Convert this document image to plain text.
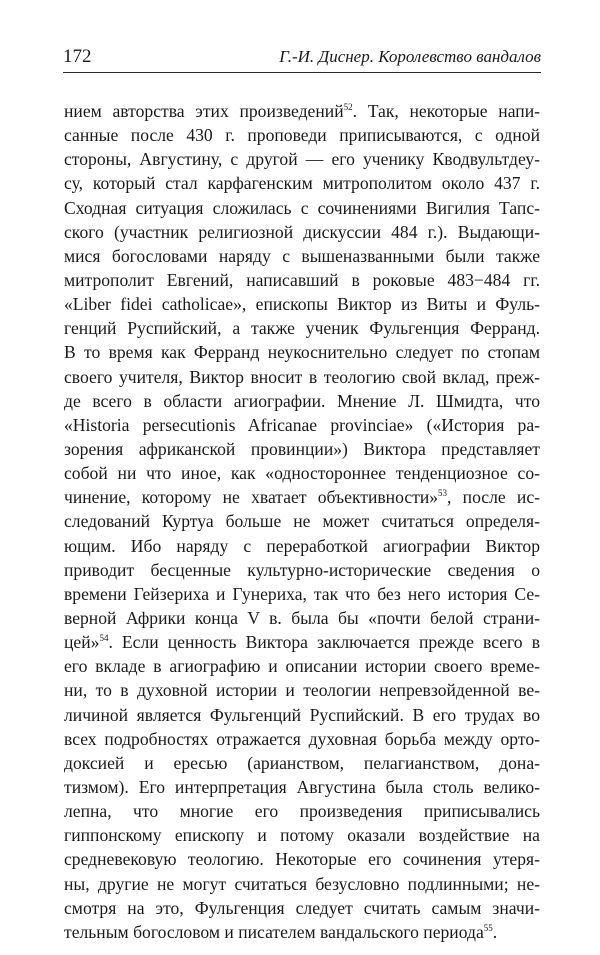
172	Г.-И. Диснер. Королевство вандалов
нием авторства этих произведений$^{52}$. Так, некоторые напи-
санные после 430 г. проповеди приписываются, с одной
стороны, Августину, с другой — его ученику Кводвультдеу-
су, который стал карфагенским митрополитом около 437 г.
Сходная ситуация сложилась с сочинениями Вигилия Тапс-
ского (участник религиозной дискуссии 484 г.). Выдающи-
мися богословами наряду с вышеназванными были также
митрополит Евгений, написавший в роковые 483−484 гг.
«Liber fidei catholicae», епископы Виктор из Виты и Фуль-
генций Руспийский, а также ученик Фульгенция Ферранд.
В то время как Ферранд неукоснительно следует по стопам
своего учителя, Виктор вносит в теологию свой вклад, преж-
де всего в области агиографии. Мнение Л. Шмидта, что
«Historia persecutionis Africanae provinciae» («История ра-
зорения африканской провинции») Виктора представляет
собой ни что иное, как «одностороннее тенденциозное со-
чинение, которому не хватает объективности»$^{53}$, после ис-
следований Куртуа больше не может считаться определя-
ющим. Ибо наряду с переработкой агиографии Виктор
приводит бесценные культурно-исторические сведения о
времени Гейзериха и Гунериха, так что без него история Се-
верной Африки конца V в. была бы «почти белой страни-
цей»$^{54}$. Если ценность Виктора заключается прежде всего в
его вкладе в агиографию и описании истории своего време-
ни, то в духовной истории и теологии непревзойденной ве-
личиной является Фульгенций Руспийский. В его трудах во
всех подробностях отражается духовная борьба между орто-
доксией и ересью (арианством, пелагианством, дона-
тизмом). Его интерпретация Августина была столь велико-
лепна, что многие его произведения приписывались
гиппонскому епископу и потому оказали воздействие на
средневековую теологию. Некоторые его сочинения утеря-
ны, другие не могут считаться безусловно подлинными; не-
смотря на это, Фульгенция следует считать самым значи-
тельным богословом и писателем вандальского периода$^{55}$.
